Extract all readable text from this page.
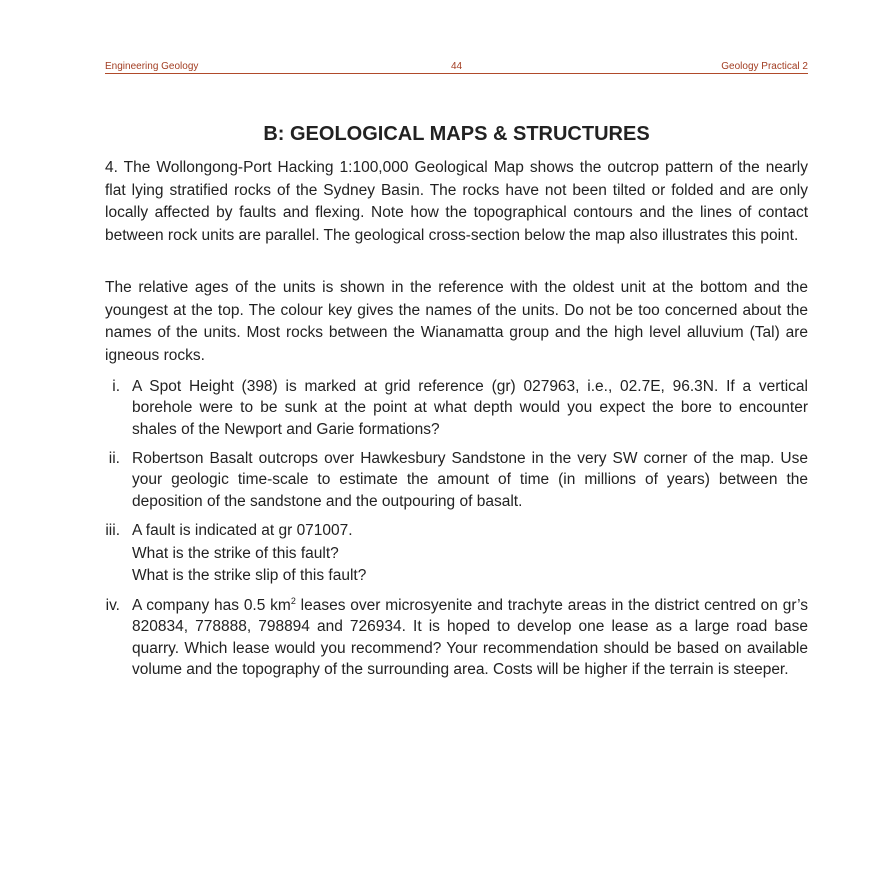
Engineering Geology	44	Geology Practical 2
B: GEOLOGICAL MAPS & STRUCTURES

4. The Wollongong-Port Hacking 1:100,000 Geological Map shows the outcrop pattern of the nearly flat lying stratified rocks of the Sydney Basin. The rocks have not been tilted or folded and are only locally affected by faults and flexing. Note how the topographical contours and the lines of contact between rock units are parallel. The geological cross-section below the map also illustrates this point.

The relative ages of the units is shown in the reference with the oldest unit at the bottom and the youngest at the top. The colour key gives the names of the units. Do not be too concerned about the names of the units. Most rocks between the Wianamatta group and the high level alluvium (Tal) are igneous rocks.

i. A Spot Height (398) is marked at grid reference (gr) 027963, i.e., 02.7E, 96.3N. If a vertical borehole were to be sunk at the point at what depth would you expect the bore to encounter shales of the Newport and Garie formations?
ii. Robertson Basalt outcrops over Hawkesbury Sandstone in the very SW corner of the map. Use your geologic time-scale to estimate the amount of time (in millions of years) between the deposition of the sandstone and the outpouring of basalt.
iii. A fault is indicated at gr 071007.
What is the strike of this fault?
What is the strike slip of this fault?
iv. A company has 0.5 $km^2$ leases over microsyenite and trachyte areas in the district centred on gr’s 820834, 778888, 798894 and 726934. It is hoped to develop one lease as a large road base quarry. Which lease would you recommend? Your recommendation should be based on available volume and the topography of the surrounding area. Costs will be higher if the terrain is steeper.
